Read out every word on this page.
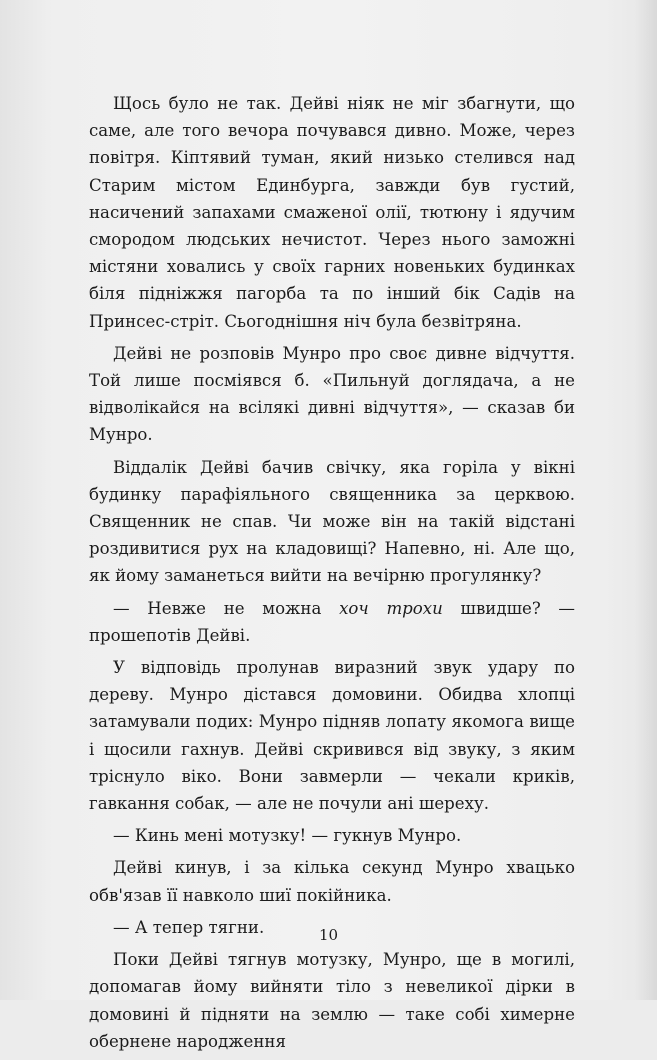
Щось було не так. Дейві ніяк не міг збагнути, що саме, але того вечора почувався дивно. Може, через повітря. Кіптявий туман, який низько стелився над Старим містом Единбурга, завжди був густий, насичений запахами смаженої олії, тютюну і ядучим смородом людських нечистот. Через нього заможні містяни ховались у своїх гарних новеньких будинках біля підніжжя пагорба та по інший бік Садів на Принсес-стріт. Сьогоднішня ніч була безвітряна.

Дейві не розповів Мунро про своє дивне відчуття. Той лише посміявся б. «Пильнуй доглядача, а не відволікайся на всілякі дивні відчуття», — сказав би Мунро.

Віддалік Дейві бачив свічку, яка горіла у вікні будинку парафіяльного священника за церквою. Священник не спав. Чи може він на такій відстані роздивитися рух на кладовищі? Напевно, ні. Але що, як йому заманеться вийти на вечірню прогулянку?

— Невже не можна хоч трохи швидше? — прошепотів Дейві.

У відповідь пролунав виразний звук удару по дереву. Мунро дістався домовини. Обидва хлопці затамували подих: Мунро підняв лопату якомога вище і щосили гахнув. Дейві скривився від звуку, з яким тріснуло віко. Вони завмерли — чекали криків, гавкання собак, — але не почули ані шереху.

— Кинь мені мотузку! — гукнув Мунро.

Дейві кинув, і за кілька секунд Мунро хвацько обв'язав її навколо шиї покійника.

— А тепер тягни.

Поки Дейві тягнув мотузку, Мунро, ще в могилі, допомагав йому вийняти тіло з невеликої дірки в домовині й підняти на землю — таке собі химерне обернене народження

10
